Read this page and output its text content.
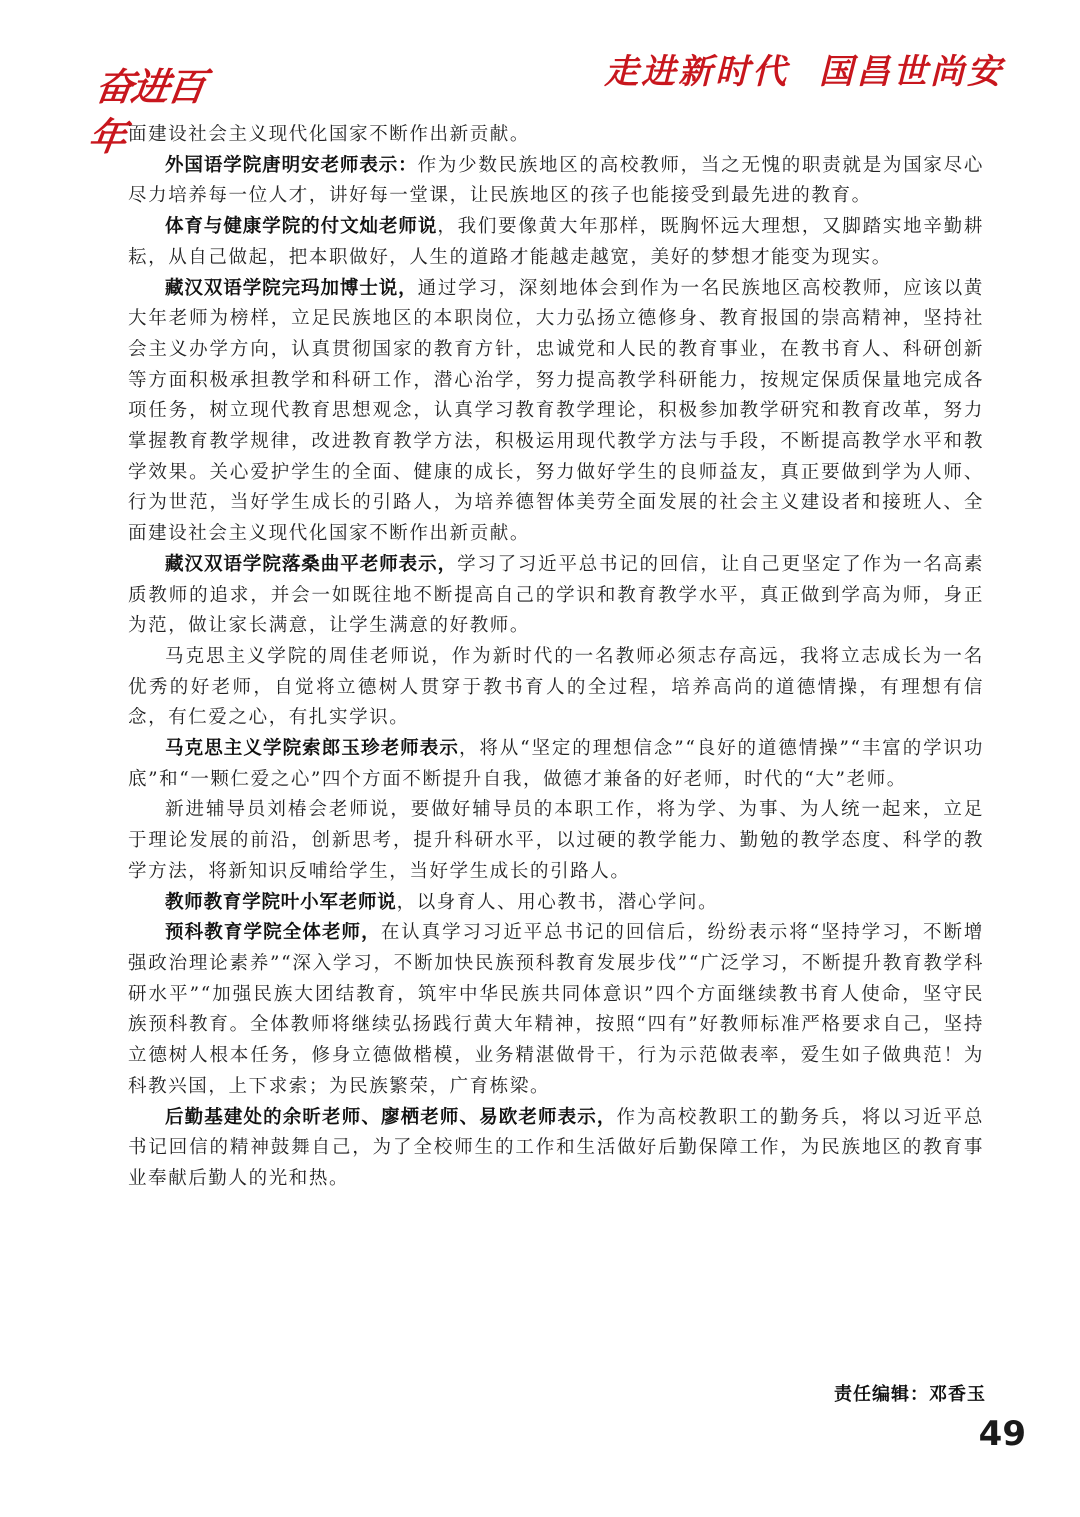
奋进百年
走进新时代  国昌世尚安

面建设社会主义现代化国家不断作出新贡献。

外国语学院唐明安老师表示：作为少数民族地区的高校教师，当之无愧的职责就是为国家尽心尽力培养每一位人才，讲好每一堂课，让民族地区的孩子也能接受到最先进的教育。

体育与健康学院的付文灿老师说，我们要像黄大年那样，既胸怀远大理想，又脚踏实地辛勤耕耘，从自己做起，把本职做好，人生的道路才能越走越宽，美好的梦想才能变为现实。

藏汉双语学院完玛加博士说，通过学习，深刻地体会到作为一名民族地区高校教师，应该以黄大年老师为榜样，立足民族地区的本职岗位，大力弘扬立德修身、教育报国的崇高精神，坚持社会主义办学方向，认真贯彻国家的教育方针，忠诚党和人民的教育事业，在教书育人、科研创新等方面积极承担教学和科研工作，潜心治学，努力提高教学科研能力，按规定保质保量地完成各项任务，树立现代教育思想观念，认真学习教育教学理论，积极参加教学研究和教育改革，努力掌握教育教学规律，改进教育教学方法，积极运用现代教学方法与手段，不断提高教学水平和教学效果。关心爱护学生的全面、健康的成长，努力做好学生的良师益友，真正要做到学为人师、行为世范，当好学生成长的引路人，为培养德智体美劳全面发展的社会主义建设者和接班人、全面建设社会主义现代化国家不断作出新贡献。

藏汉双语学院落桑曲平老师表示，学习了习近平总书记的回信，让自己更坚定了作为一名高素质教师的追求，并会一如既往地不断提高自己的学识和教育教学水平，真正做到学高为师，身正为范，做让家长满意，让学生满意的好教师。

马克思主义学院的周佳老师说，作为新时代的一名教师必须志存高远，我将立志成长为一名优秀的好老师，自觉将立德树人贯穿于教书育人的全过程，培养高尚的道德情操，有理想有信念，有仁爱之心，有扎实学识。

马克思主义学院索郎玉珍老师表示，将从“坚定的理想信念”“良好的道德情操”“丰富的学识功底”和“一颗仁爱之心”四个方面不断提升自我，做德才兼备的好老师，时代的“大”老师。

新进辅导员刘椿会老师说，要做好辅导员的本职工作，将为学、为事、为人统一起来，立足于理论发展的前沿，创新思考，提升科研水平，以过硬的教学能力、勤勉的教学态度、科学的教学方法，将新知识反哺给学生，当好学生成长的引路人。

教师教育学院叶小军老师说，以身育人、用心教书，潜心学问。

预科教育学院全体老师，在认真学习习近平总书记的回信后，纷纷表示将“坚持学习，不断增强政治理论素养”“深入学习，不断加快民族预科教育发展步伐”“广泛学习，不断提升教育教学科研水平”“加强民族大团结教育，筑牢中华民族共同体意识”四个方面继续教书育人使命，坚守民族预科教育。全体教师将继续弘扬践行黄大年精神，按照“四有”好教师标准严格要求自己，坚持立德树人根本任务，修身立德做楷模，业务精湛做骨干，行为示范做表率，爱生如子做典范！为科教兴国，上下求索；为民族繁荣，广育栋梁。

后勤基建处的余昕老师、廖栖老师、易欧老师表示，作为高校教职工的勤务兵，将以习近平总书记回信的精神鼓舞自己，为了全校师生的工作和生活做好后勤保障工作，为民族地区的教育事业奉献后勤人的光和热。

责任编辑：邓香玉
49
